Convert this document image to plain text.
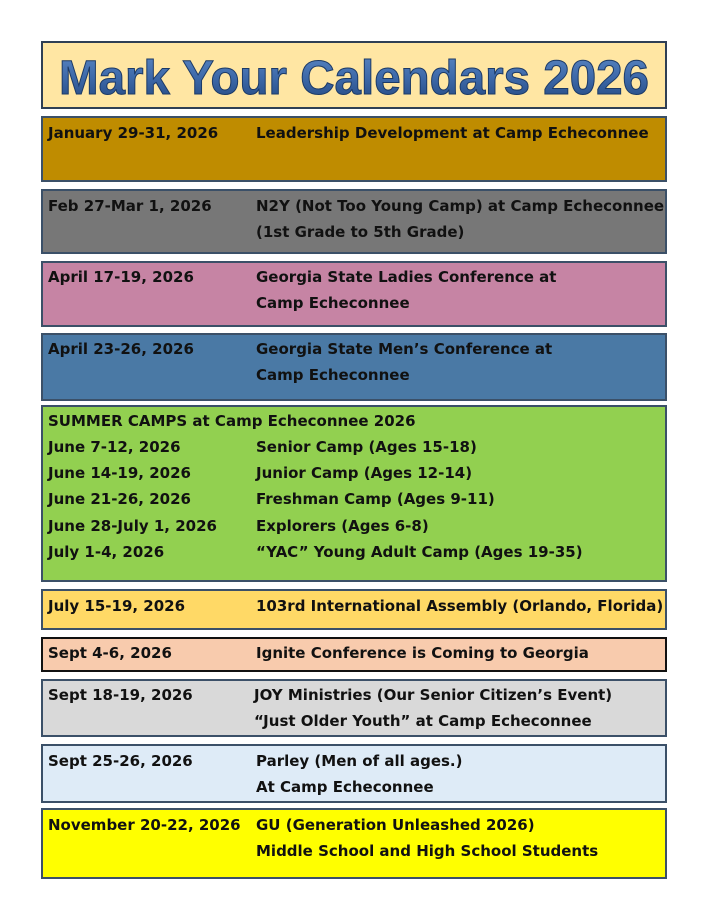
Mark Your Calendars 2026
January 29-31, 2026	Leadership Development at Camp Echeconnee
Feb 27-Mar 1, 2026	N2Y (Not Too Young Camp) at Camp Echeconnee
(1st Grade to 5th Grade)
April 17-19, 2026	Georgia State Ladies Conference at
Camp Echeconnee
April 23-26, 2026	Georgia State Men’s Conference at
Camp Echeconnee
SUMMER CAMPS at Camp Echeconnee 2026
June 7-12, 2026	Senior Camp (Ages 15-18)
June 14-19, 2026	Junior Camp (Ages 12-14)
June 21-26, 2026	Freshman Camp (Ages 9-11)
June 28-July 1, 2026	Explorers (Ages 6-8)
July 1-4, 2026	“YAC” Young Adult Camp (Ages 19-35)
July 15-19, 2026	103rd International Assembly (Orlando, Florida)
Sept 4-6, 2026	Ignite Conference is Coming to Georgia
Sept 18-19, 2026	JOY Ministries (Our Senior Citizen’s Event)
“Just Older Youth” at Camp Echeconnee
Sept 25-26, 2026	Parley (Men of all ages.)
At Camp Echeconnee
November 20-22, 2026 GU (Generation Unleashed 2026)
Middle School and High School Students
